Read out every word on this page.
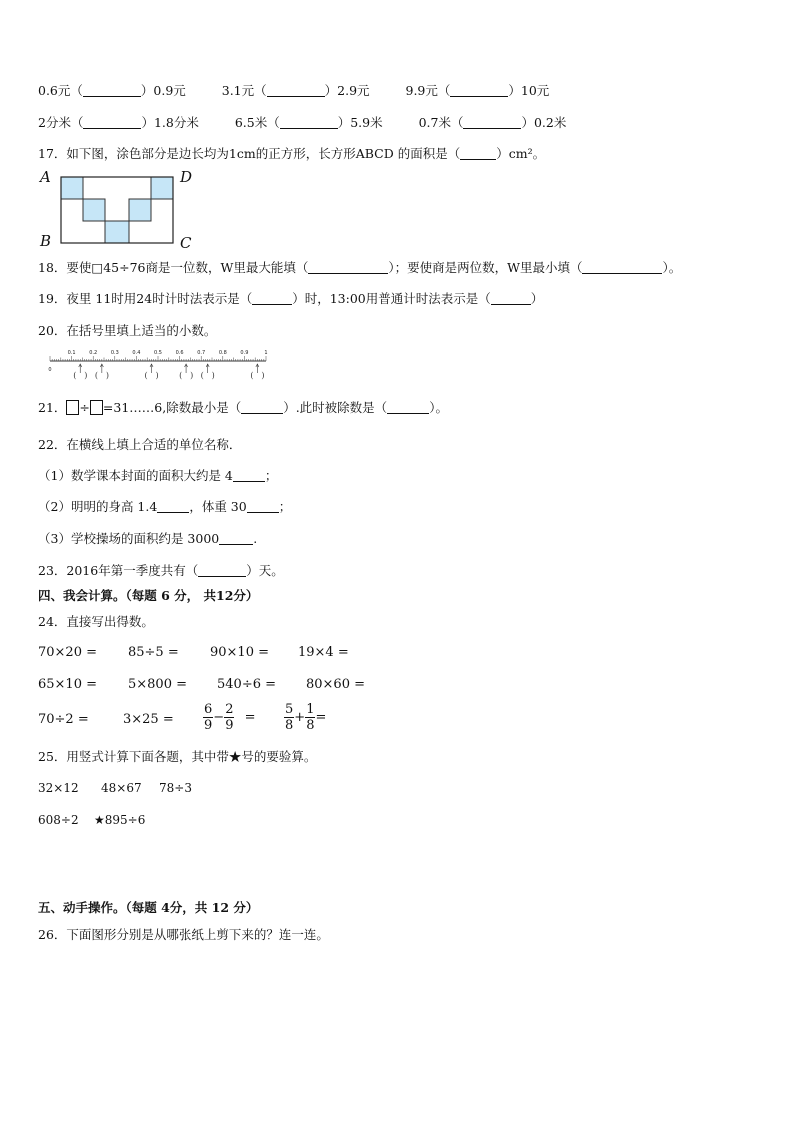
0.6元（	）0.9元	3.1元（	）2.9元	9.9元（	）10元
2分米（	）1.8分米	6.5米（	）5.9米	0.7米（	）0.2米
17．如下图，涂色部分是边长均为1cm的正方形，长方形ABCD 的面积是（	）cm²。
A	D
B	C
18．要使□45÷76商是一位数，W里最大能填（	）；要使商是两位数，W里最小填（	）。
19．夜里 11时用24时计时法表示是（	）时，13:00用普通计时法表示是（	）
20．在括号里填上适当的小数。
0
0.1	0.2	0.3	0.4	0.5	0.6	0.7	0.8	0.9	1
( ) ( )	( )	( ) ( )	( )
21． ÷ =31……6,除数最小是（	）.此时被除数是（	）。
22．在横线上填上合适的单位名称．
（1）数学课本封面的面积大约是 4	；
（2）明明的身高 1.4	，体重 30	；
（3）学校操场的面积约是 3000	.
23．2016年第一季度共有（	）天。
四、我会计算。（每题 6 分， 共12分）
24．直接写出得数。
70×20 = 85÷5 = 90×10 = 19×4 =
65×10 = 5×800 = 540÷6 = 80×60 =
70÷2 =	$3\times 25 = \frac{6}{9} - \frac{2}{9} = \frac{5}{8} + \frac{1}{8}$ =
25．用竖式计算下面各题，其中带★号的要验算。
32×12 48×67 78÷3
608÷2 ★895÷6
五、动手操作。（每题 4分，共 12 分）
26．下面图形分别是从哪张纸上剪下来的？连一连。
